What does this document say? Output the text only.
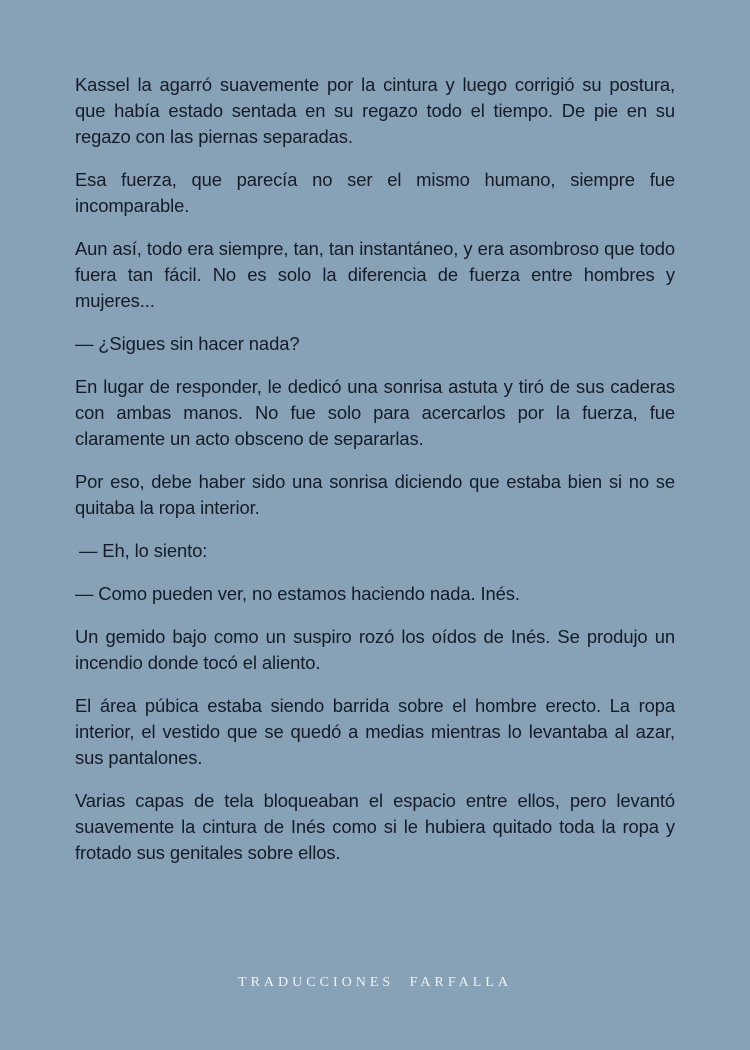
Kassel la agarró suavemente por la cintura y luego corrigió su postura, que había estado sentada en su regazo todo el tiempo. De pie en su regazo con las piernas separadas.

Esa fuerza, que parecía no ser el mismo humano, siempre fue incomparable.

Aun así, todo era siempre, tan, tan instantáneo, y era asombroso que todo fuera tan fácil. No es solo la diferencia de fuerza entre hombres y mujeres...

— ¿Sigues sin hacer nada?

En lugar de responder, le dedicó una sonrisa astuta y tiró de sus caderas con ambas manos. No fue solo para acercarlos por la fuerza, fue claramente un acto obsceno de separarlas.

Por eso, debe haber sido una sonrisa diciendo que estaba bien si no se quitaba la ropa interior.

— Eh, lo siento:

— Como pueden ver, no estamos haciendo nada. Inés.

Un gemido bajo como un suspiro rozó los oídos de Inés. Se produjo un incendio donde tocó el aliento.

El área púbica estaba siendo barrida sobre el hombre erecto. La ropa interior, el vestido que se quedó a medias mientras lo levantaba al azar, sus pantalones.

Varias capas de tela bloqueaban el espacio entre ellos, pero levantó suavemente la cintura de Inés como si le hubiera quitado toda la ropa y frotado sus genitales sobre ellos.

TRADUCCIONES FARFALLA
